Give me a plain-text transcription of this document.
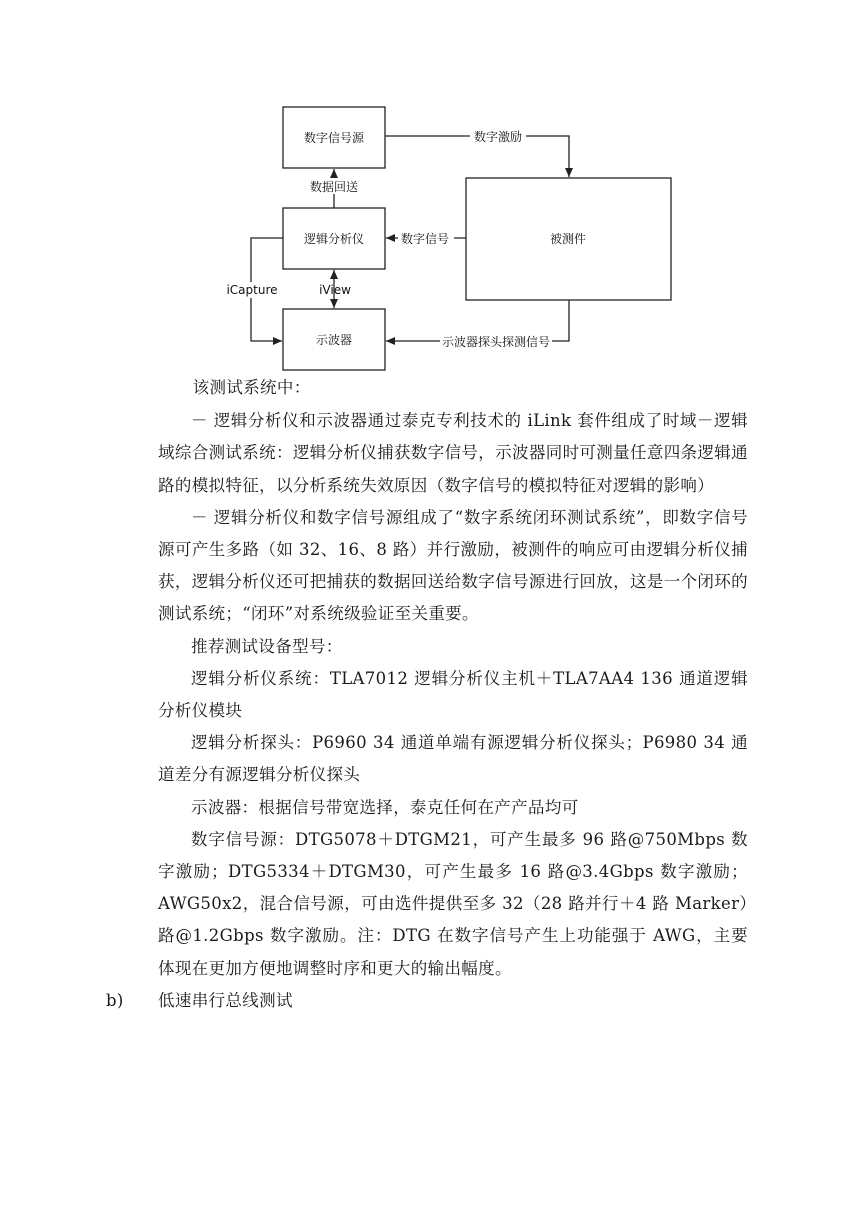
数字信号源
逻辑分析仪
示波器
被测件
数字激励
数据回送
数字信号
iView
iCapture
示波器探头探测信号

该测试系统中：

－ 逻辑分析仪和示波器通过泰克专利技术的 iLink 套件组成了时域－逻辑域综合测试系统：逻辑分析仪捕获数字信号，示波器同时可测量任意四条逻辑通路的模拟特征，以分析系统失效原因（数字信号的模拟特征对逻辑的影响）

－ 逻辑分析仪和数字信号源组成了“数字系统闭环测试系统”，即数字信号源可产生多路（如 32、16、8 路）并行激励，被测件的响应可由逻辑分析仪捕获，逻辑分析仪还可把捕获的数据回送给数字信号源进行回放，这是一个闭环的测试系统；“闭环”对系统级验证至关重要。

推荐测试设备型号：

逻辑分析仪系统：TLA7012 逻辑分析仪主机＋TLA7AA4 136 通道逻辑分析仪模块

逻辑分析探头：P6960 34 通道单端有源逻辑分析仪探头；P6980 34 通道差分有源逻辑分析仪探头

示波器：根据信号带宽选择，泰克任何在产产品均可

数字信号源：DTG5078＋DTGM21，可产生最多 96 路@750Mbps 数字激励；DTG5334＋DTGM30，可产生最多 16 路@3.4Gbps 数字激励；AWG50x2，混合信号源，可由选件提供至多 32（28 路并行＋4 路 Marker）路@1.2Gbps 数字激励。注：DTG 在数字信号产生上功能强于 AWG，主要体现在更加方便地调整时序和更大的输出幅度。

b) 低速串行总线测试
